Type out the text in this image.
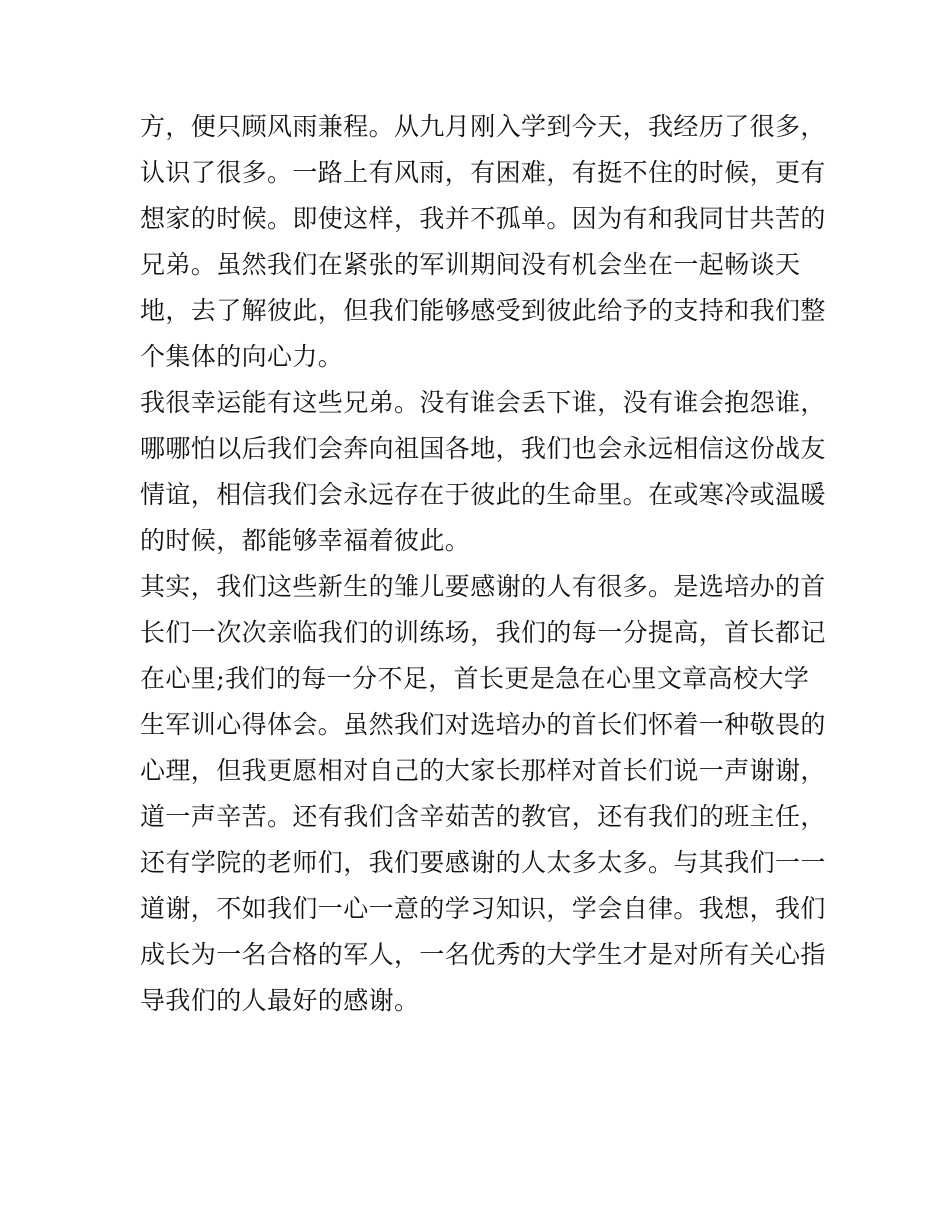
方，便只顾风雨兼程。从九月刚入学到今天，我经历了很多，
认识了很多。一路上有风雨，有困难，有挺不住的时候，更有
想家的时候。即使这样，我并不孤单。因为有和我同甘共苦的
兄弟。虽然我们在紧张的军训期间没有机会坐在一起畅谈天
地，去了解彼此，但我们能够感受到彼此给予的支持和我们整
个集体的向心力。
我很幸运能有这些兄弟。没有谁会丢下谁，没有谁会抱怨谁，
哪哪怕以后我们会奔向祖国各地，我们也会永远相信这份战友
情谊，相信我们会永远存在于彼此的生命里。在或寒冷或温暖
的时候，都能够幸福着彼此。
其实，我们这些新生的雏儿要感谢的人有很多。是选培办的首
长们一次次亲临我们的训练场，我们的每一分提高，首长都记
在心里;我们的每一分不足，首长更是急在心里文章高校大学
生军训心得体会。虽然我们对选培办的首长们怀着一种敬畏的
心理，但我更愿相对自己的大家长那样对首长们说一声谢谢，
道一声辛苦。还有我们含辛茹苦的教官，还有我们的班主任，
还有学院的老师们，我们要感谢的人太多太多。与其我们一一
道谢，不如我们一心一意的学习知识，学会自律。我想，我们
成长为一名合格的军人，一名优秀的大学生才是对所有关心指
导我们的人最好的感谢。
